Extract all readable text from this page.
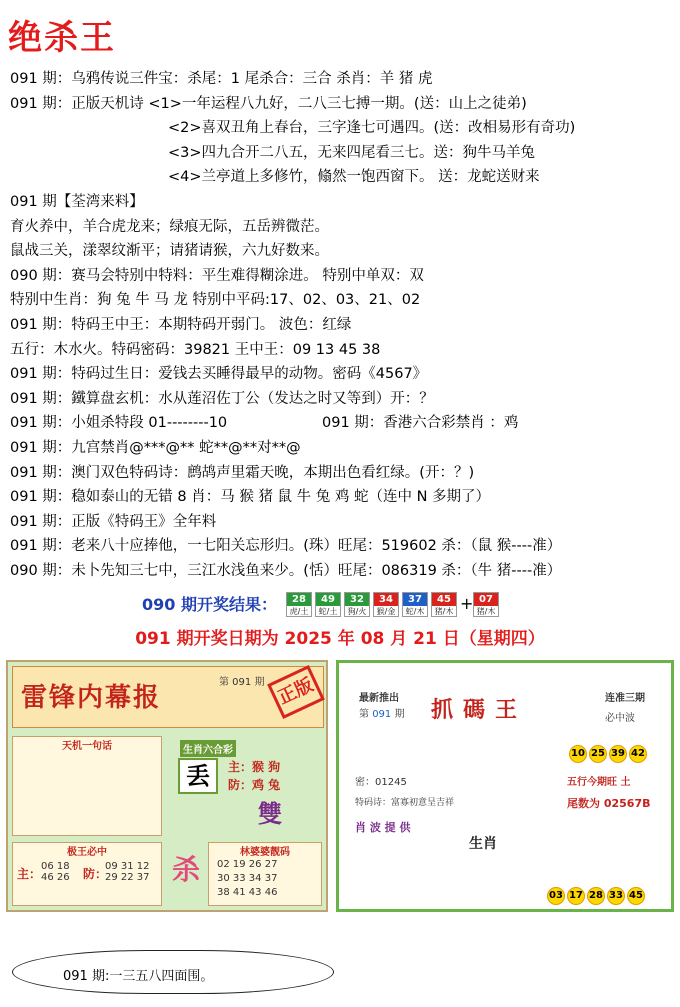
绝杀王
091 期：乌鸦传说三件宝：杀尾：1 尾杀合：三合 杀肖：羊 猪 虎
091 期：正版天机诗 <1>一年运程八九好，二八三七搏一期。(送：山上之徒弟)
<2>喜双丑角上春台，三字逢七可遇四。(送：改相易形有奇功)
<3>四九合开二八五，无来四尾看三七。送：狗牛马羊兔
<4>兰亭道上多修竹，翛然一饱西窗下。 送：龙蛇送财来
091 期【荃湾来料】
育火养中，羊合虎龙来；绿痕无际，五岳辨微茫。
鼠战三关，漾翠纹渐平；请猪请猴，六九好数来。
090 期：赛马会特别中特料：平生难得糊涂进。 特别中单双：双
特别中生肖：狗 兔 牛 马 龙 特别中平码:17、02、03、21、02
091 期：特码王中王：本期特码开弱门。 波色：红绿
五行：木水火。特码密码：39821 王中王：09 13 45 38
091 期：特码过生日：爱钱去买睡得最早的动物。密码《4567》
091 期：鐵算盘玄机：水从莲沼佐丁公（发达之时又等到）开：？
091 期：小姐杀特段 01--------10	091 期：香港六合彩禁肖 ：鸡
091 期：九宫禁肖@***@** 蛇**@**对**@
091 期：澳门双色特码诗：鹧鸪声里霜天晚，本期出色看红绿。(开：？)
091 期：稳如泰山的无错 8 肖：马 猴 猪 鼠 牛 兔 鸡 蛇（连中 N 多期了）
091 期：正版《特码王》全年料
091 期：老来八十应捧他，一七阳关忘形归。(珠）旺尾：519602 杀：（鼠 猴----准）
090 期：未卜先知三七中，三江水浅鱼来少。(恬）旺尾：086319 杀：（牛 猪----准）
090 期开奖结果：	28
虎/土
49
蛇/土
32
狗/火
34
猴/金
37
蛇/木
45
猪/木 + 07
猪/木
091 期开奖日期为 2025 年 08 月 21 日（星期四）
雷锋内幕报	正版
第 091 期
天机一句话
极王必中
主：
06 18
46 26 防：
09 31 12
29 22 37
生肖六合彩
丢	主：猴 狗
防：鸡 兔
雙
杀
林婆婆靓码
02 19 26 27
30 33 34 37
38 41 43 46
最新推出
第 091 期 抓碼王	连准三期
必中波
10 25 39 42
五行今期旺 土
尾数为 02567B
密：01245
特码诗：富寡初意呈吉祥
肖 波 提 供
生肖
03 17 28 33 45
091 期:一三五八四面围。
